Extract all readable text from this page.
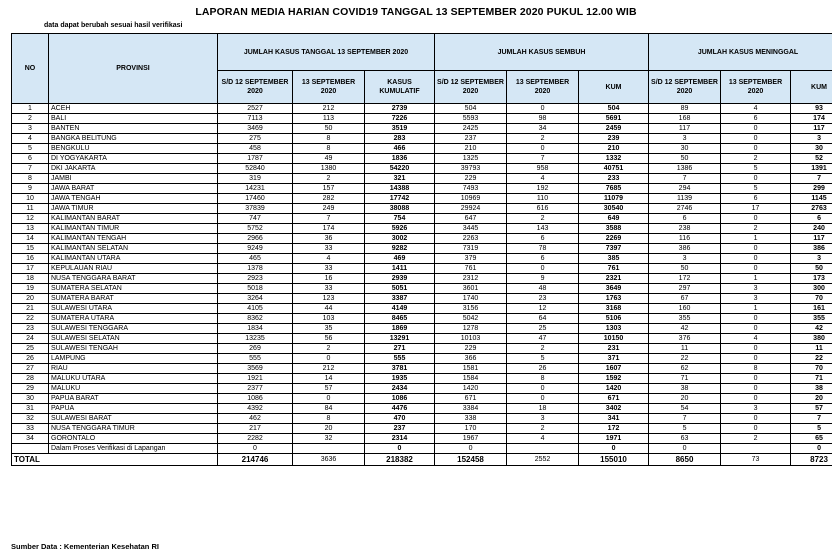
LAPORAN MEDIA HARIAN COVID19 TANGGAL 13 SEPTEMBER 2020 PUKUL 12.00 WIB
data dapat berubah sesuai hasil verifikasi
NO	PROVINSI	JUMLAH KASUS TANGGAL 13 SEPTEMBER 2020			JUMLAH KASUS SEMBUH			JUMLAH KASUS MENINGGAL		
		S/D 12 SEPTEMBER 2020	13 SEPTEMBER 2020	KASUS KUMULATIF	S/D 12 SEPTEMBER 2020	13 SEPTEMBER 2020	KUM	S/D 12 SEPTEMBER 2020	13 SEPTEMBER 2020	KUM
1	ACEH	2527	212	2739	504	0	504	89	4	93
2	BALI	7113	113	7226	5593	98	5691	168	6	174
3	BANTEN	3469	50	3519	2425	34	2459	117	0	117
4	BANGKA BELITUNG	275	8	283	237	2	239	3	0	3
5	BENGKULU	458	8	466	210	0	210	30	0	30
6	DI YOGYAKARTA	1787	49	1836	1325	7	1332	50	2	52
7	DKI JAKARTA	52840	1380	54220	39793	958	40751	1386	5	1391
8	JAMBI	319	2	321	229	4	233	7	0	7
9	JAWA BARAT	14231	157	14388	7493	192	7685	294	5	299
10	JAWA TENGAH	17460	282	17742	10969	110	11079	1139	6	1145
11	JAWA TIMUR	37839	249	38088	29924	616	30540	2746	17	2763
12	KALIMANTAN BARAT	747	7	754	647	2	649	6	0	6
13	KALIMANTAN TIMUR	5752	174	5926	3445	143	3588	238	2	240
14	KALIMANTAN TENGAH	2966	36	3002	2263	6	2269	116	1	117
15	KALIMANTAN SELATAN	9249	33	9282	7319	78	7397	386	0	386
16	KALIMANTAN UTARA	465	4	469	379	6	385	3	0	3
17	KEPULAUAN RIAU	1378	33	1411	761	0	761	50	0	50
18	NUSA TENGGARA BARAT	2923	16	2939	2312	9	2321	172	1	173
19	SUMATERA SELATAN	5018	33	5051	3601	48	3649	297	3	300
20	SUMATERA BARAT	3264	123	3387	1740	23	1763	67	3	70
21	SULAWESI UTARA	4105	44	4149	3156	12	3168	160	1	161
22	SUMATERA UTARA	8362	103	8465	5042	64	5106	355	0	355
23	SULAWESI TENGGARA	1834	35	1869	1278	25	1303	42	0	42
24	SULAWESI SELATAN	13235	56	13291	10103	47	10150	376	4	380
25	SULAWESI TENGAH	269	2	271	229	2	231	11	0	11
26	LAMPUNG	555	0	555	366	5	371	22	0	22
27	RIAU	3569	212	3781	1581	26	1607	62	8	70
28	MALUKU UTARA	1921	14	1935	1584	8	1592	71	0	71
29	MALUKU	2377	57	2434	1420	0	1420	38	0	38
30	PAPUA BARAT	1086	0	1086	671	0	671	20	0	20
31	PAPUA	4392	84	4476	3384	18	3402	54	3	57
32	SULAWESI BARAT	462	8	470	338	3	341	7	0	7
33	NUSA TENGGARA TIMUR	217	20	237	170	2	172	5	0	5
34	GORONTALO	2282	32	2314	1967	4	1971	63	2	65
	Dalam Proses Verifikasi di Lapangan	0		0	0		0	0		0
TOTAL		214746	3636	218382	152458	2552	155010	8650	73	8723
Sumber Data : Kementerian Kesehatan RI
